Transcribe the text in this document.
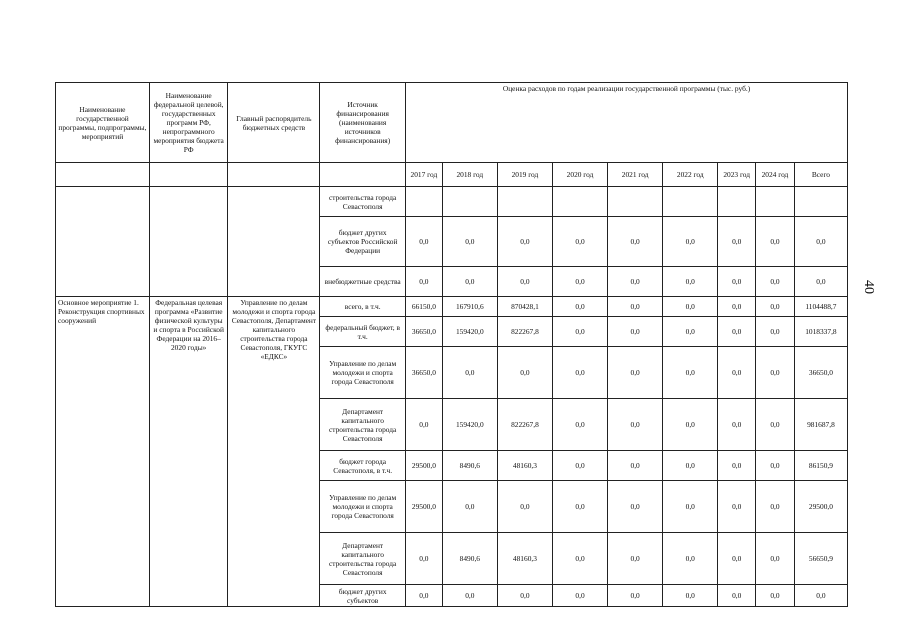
40
Наименование государственной программы, подпрограммы, мероприятий	Наименование федеральной целевой, государственных программ РФ, непрограммного мероприятия бюджета РФ	Главный распорядитель бюджетных средств	Источник финансирования (наименования источников финансирования)	Оценка расходов по годам реализации государственной программы (тыс. руб.)								
				2017 год	2018 год	2019 год	2020 год	2021 год	2022 год	2023 год	2024 год	Всего
			строительства города Севастополя									
			бюджет других субъектов Российской Федерации	0,0	0,0	0,0	0,0	0,0	0,0	0,0	0,0	0,0
			внебюджетные средства	0,0	0,0	0,0	0,0	0,0	0,0	0,0	0,0	0,0
Основное мероприятие 1. Реконструкция спортивных сооружений	Федеральная целевая программа «Развитие физической культуры и спорта в Российской Федерации на 2016–2020 годы»	Управление по делам молодежи и спорта города Севастополя, Департамент капитального строительства города Севастополя, ГКУГС «ЕДКС»	всего, в т.ч.	66150,0	167910,6	870428,1	0,0	0,0	0,0	0,0	0,0	1104488,7
			федеральный бюджет, в т.ч.	36650,0	159420,0	822267,8	0,0	0,0	0,0	0,0	0,0	1018337,8
			Управление по делам молодежи и спорта города Севастополя	36650,0	0,0	0,0	0,0	0,0	0,0	0,0	0,0	36650,0
			Департамент капитального строительства города Севастополя	0,0	159420,0	822267,8	0,0	0,0	0,0	0,0	0,0	981687,8
			бюджет города Севастополя, в т.ч.	29500,0	8490,6	48160,3	0,0	0,0	0,0	0,0	0,0	86150,9
			Управление по делам молодежи и спорта города Севастополя	29500,0	0,0	0,0	0,0	0,0	0,0	0,0	0,0	29500,0
			Департамент капитального строительства города Севастополя	0,0	8490,6	48160,3	0,0	0,0	0,0	0,0	0,0	56650,9
			бюджет других субъектов	0,0	0,0	0,0	0,0	0,0	0,0	0,0	0,0	0,0
